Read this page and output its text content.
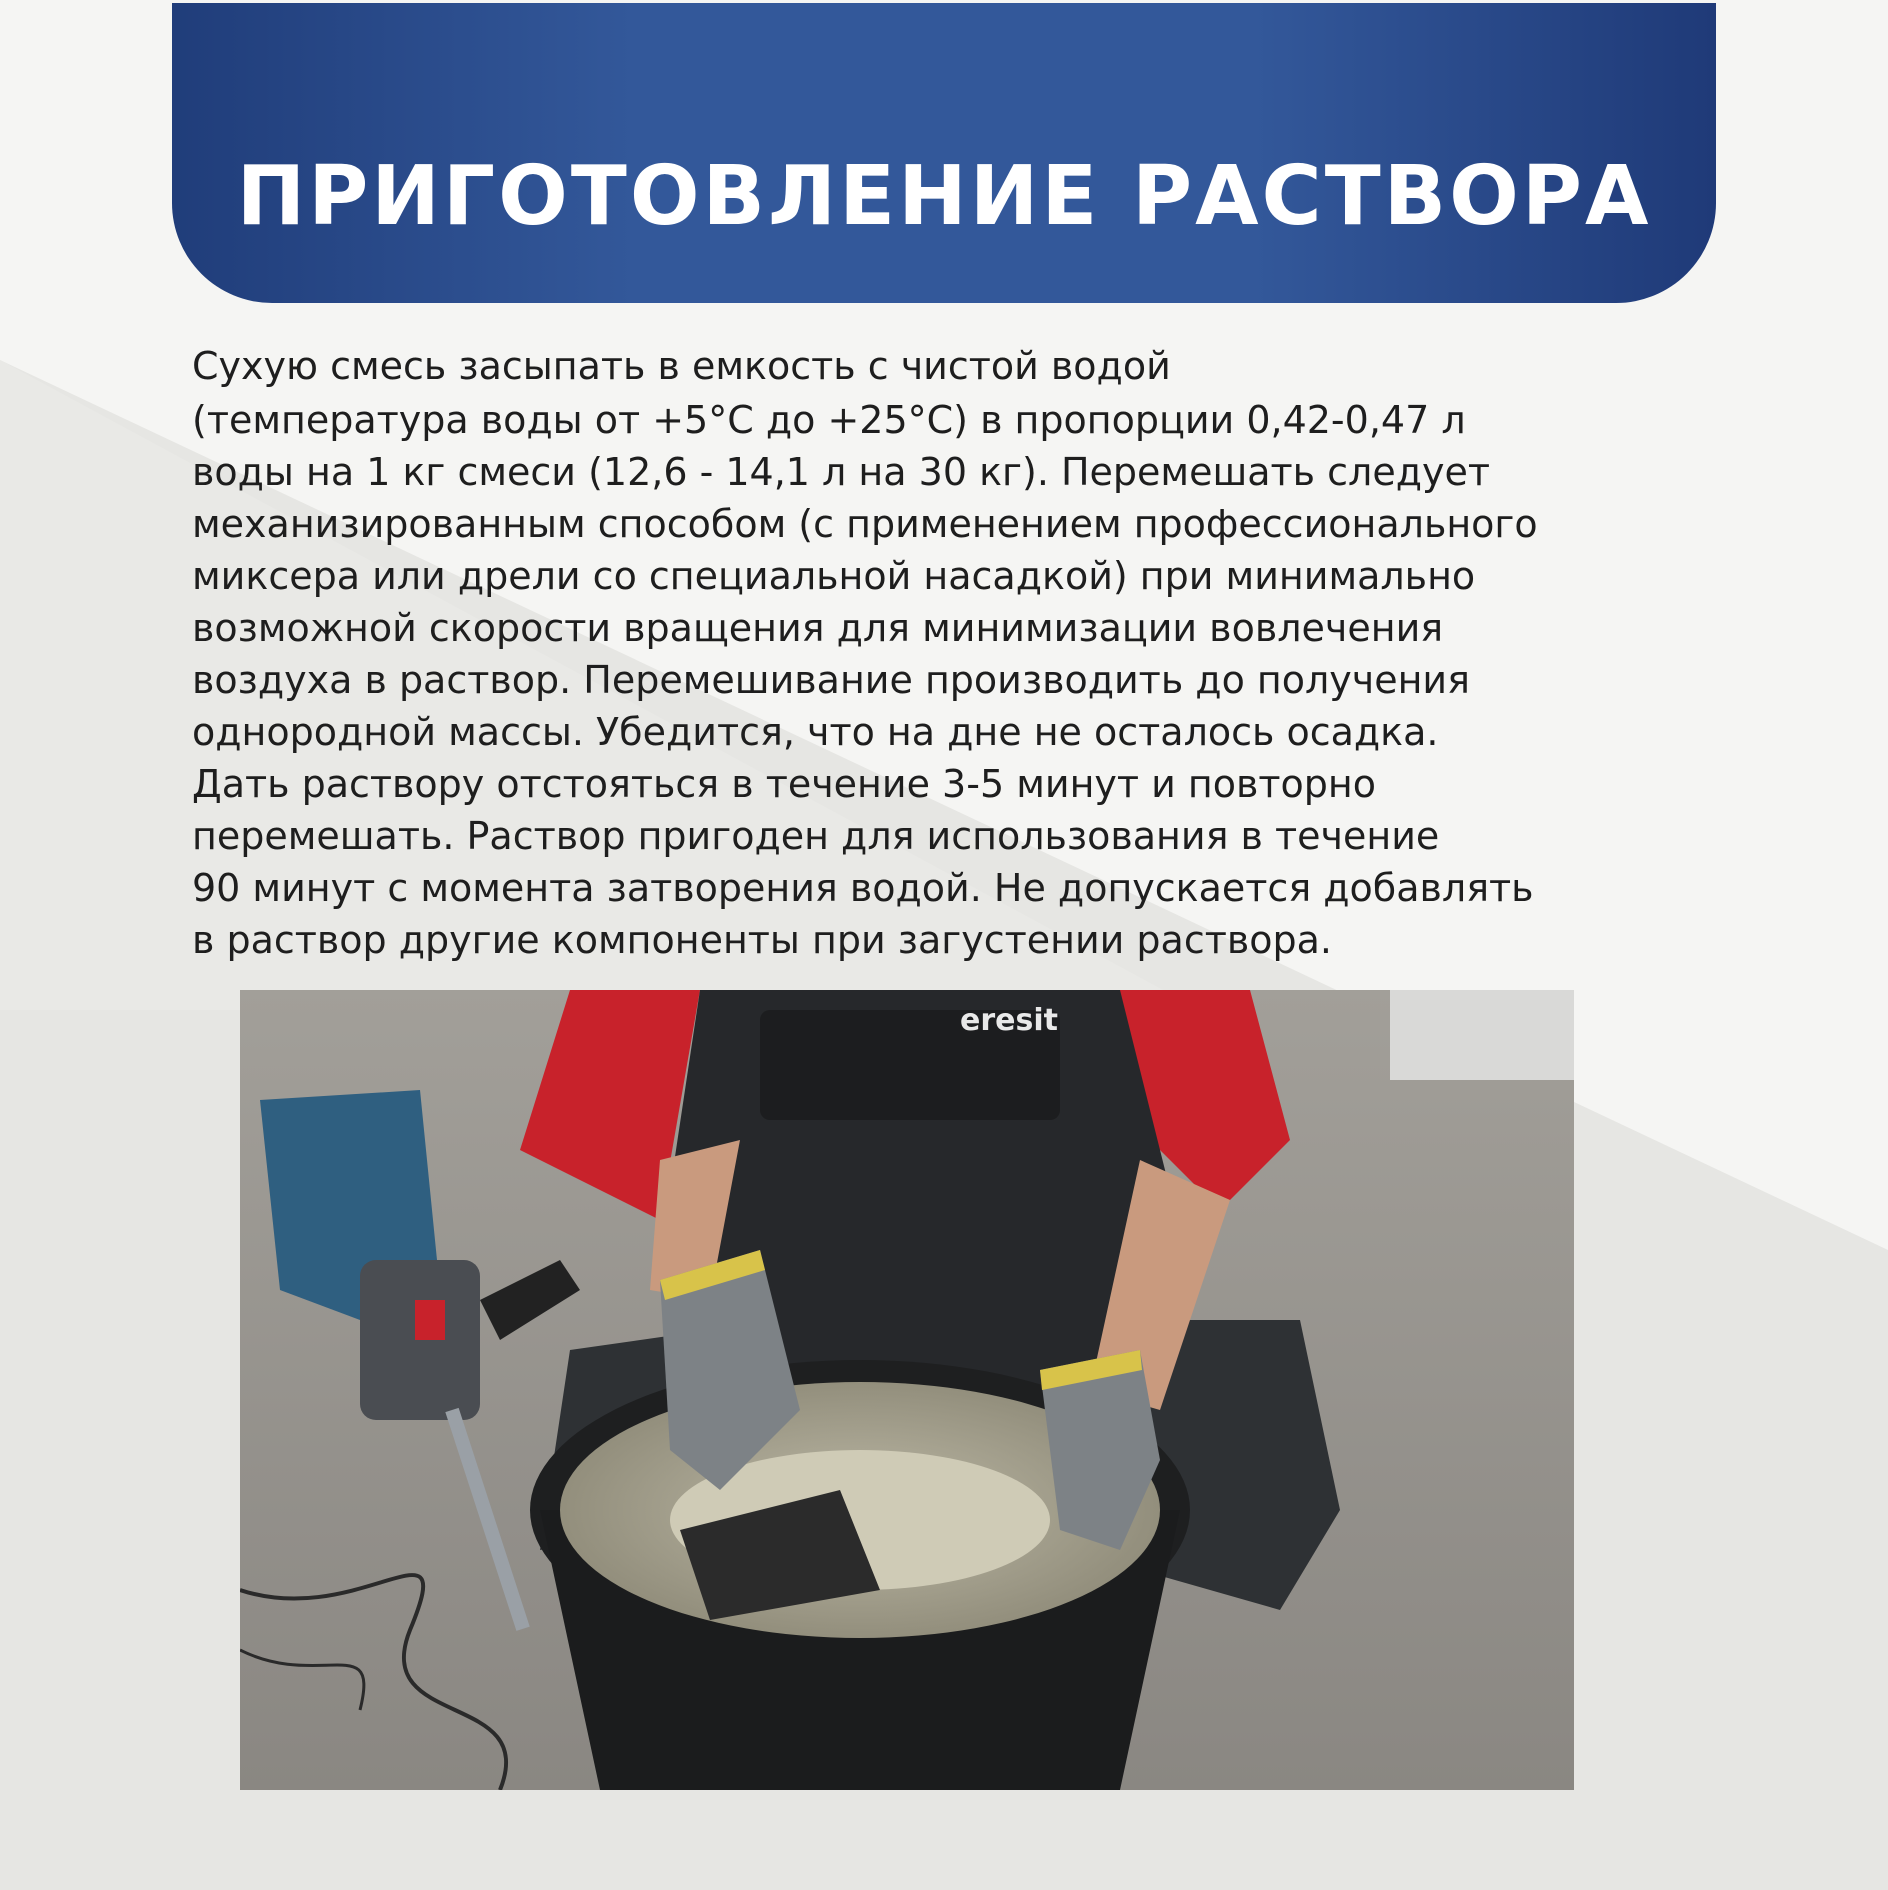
ПРИГОТОВЛЕНИЕ РАСТВОРА
Сухую смесь засыпать в емкость с чистой водой
(температура воды от +5°С до +25°С) в пропорции 0,42-0,47 л
воды на 1 кг смеси (12,6 - 14,1 л на 30 кг). Перемешать следует
механизированным способом (с применением профессионального
миксера или дрели со специальной насадкой) при минимально
возможной скорости вращения для минимизации вовлечения
воздуха в раствор. Перемешивание производить до получения
однородной массы. Убедится, что на дне не осталось осадка.
Дать раствору отстояться в течение 3-5 минут и повторно
перемешать. Раствор пригоден для использования в течение
90 минут с момента затворения водой. Не допускается добавлять
в раствор другие компоненты при загустении раствора.
eresit
